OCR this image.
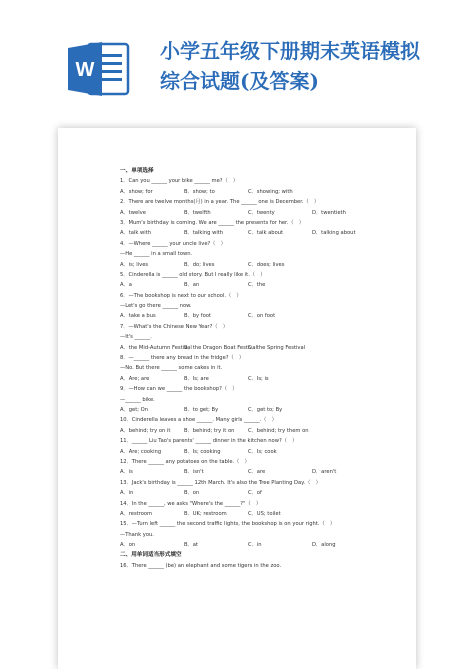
W
小学五年级下册期末英语模拟
综合试题(及答案)
一、单项选择
1．Can you ______ your bike ______ me?（　）
A．show; for	B．show; to	C．showing; with
2．There are twelve months(月) in a year. The ______ one is December.（　）
A．twelve	B．twelfth	C．twenty	D．twentieth
3．Mum's birthday is coming. We are ______ the presents for her.（　）
A．talk with	B．talking with	C．talk about	D．talking about
4．—Where ______ your uncle live?（　）
—He ______ in a small town.
A．is; lives	B．do; lives	C．does; lives
5．Cinderella is ______ old story. But I really like it.（　）
A．a	B．an	C．the
6．—The bookshop is next to our school.（　）
—Let's go there ______ now.
A．take a bus	B．by foot	C．on foot
7．—What's the Chinese New Year?（　）
—It's ______.
A．the Mid-Autumn Festival
B．the Dragon Boat Festival
C．the Spring Festival
8．—______ there any bread in the fridge?（　）
—No. But there ______ some cakes in it.
A．Are; are	B．Is; are	C．Is; is
9．—How can we ______ the bookshop?（　）
—______ bike.
A．get; On	B．to get; By	C．get to; By
10．Cinderella leaves a shoe ______. Many girls ______.（　）
A．behind; try on it	B．behind; try it on	C．behind; try them on
11．______ Liu Tao's parents' ______ dinner in the kitchen now?（　）
A．Are; cooking	B．Is; cooking	C．Is; cook
12．There ______ any potatoes on the table.（　）
A．is	B．isn't	C．are	D．aren't
13．Jack's birthday is ______ 12th March. It's also the Tree Planting Day.（　）
A．in	B．on	C．of
14．In the ______, we asks "Where's the ______?"（　）
A．restroom	B．UK; restroom	C．US; toilet
15．—Turn left ______ the second traffic lights, the bookshop is on your right.（　）
—Thank you.
A．on	B．at	C．in	D．along
二、用单词适当形式填空
16．There ______ (be) an elephant and some tigers in the zoo.
